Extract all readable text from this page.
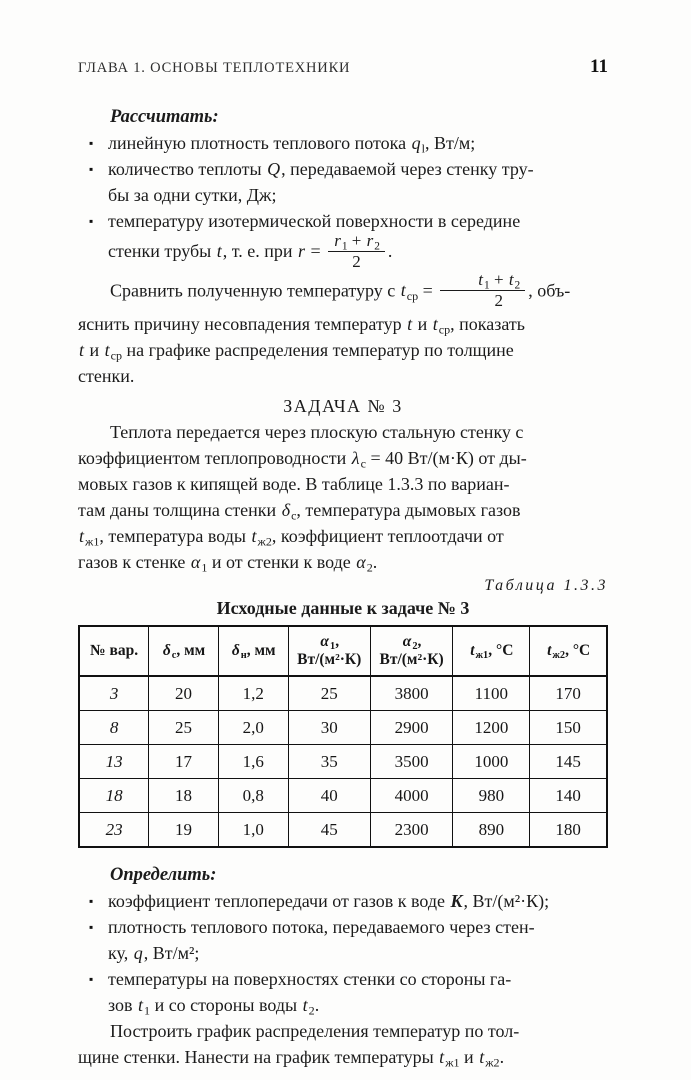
ГЛАВА 1. ОСНОВЫ ТЕПЛОТЕХНИКИ	11
Рассчитать:
▪ линейную плотность теплового потока $q_l$, Вт/м;
▪ количество теплоты Q, передаваемой через стенку тру-
бы за одни сутки, Дж;
▪ температуру изотермической поверхности в середине
стенки трубы t, т. е. при $r = \frac{r_1 + r_2}{2}$ .
Сравнить полученную температуру с $t_{ср} = \frac{t_1 + t_2}{2}$ , объ-
яснить причину несовпадения температур t и $t_{ср}$, показать
t и $t_{ср}$ на графике распределения температур по толщине
стенки.
ЗАДАЧА № 3
Теплота передается через плоскую стальную стенку с
коэффициентом теплопроводности $\lambda_с = 40$ Вт/(м·К) от ды-
мовых газов к кипящей воде. В таблице 1.3.3 по вариан-
там даны толщина стенки $\delta_с$, температура дымовых газов
$t_{ж1}$, температура воды $t_{ж2}$, коэффициент теплоотдачи от
газов к стенке $\alpha_1$ и от стенки к воде $\alpha_2$.
Таблица 1.3.3
Исходные данные к задаче № 3
№ вар.	$\delta_с$, мм	$\delta_н$, мм	$\alpha_1$,
Вт/(м²·К)	$\alpha_2$,
Вт/(м²·К)	$t_{ж1}$, °С	$t_{ж2}$, °С
3	20	1,2	25	3800	1100	170
8	25	2,0	30	2900	1200	150
13	17	1,6	35	3500	1000	145
18	18	0,8	40	4000	980	140
23	19	1,0	45	2300	890	180
Определить:
▪ коэффициент теплопередачи от газов к воде K, Вт/(м²·К);
▪ плотность теплового потока, передаваемого через стен-
ку, q, Вт/м²;
▪ температуры на поверхностях стенки со стороны га-
зов $t_1$ и со стороны воды $t_2$.
Построить график распределения температур по тол-
щине стенки. Нанести на график температуры $t_{ж1}$ и $t_{ж2}$.
